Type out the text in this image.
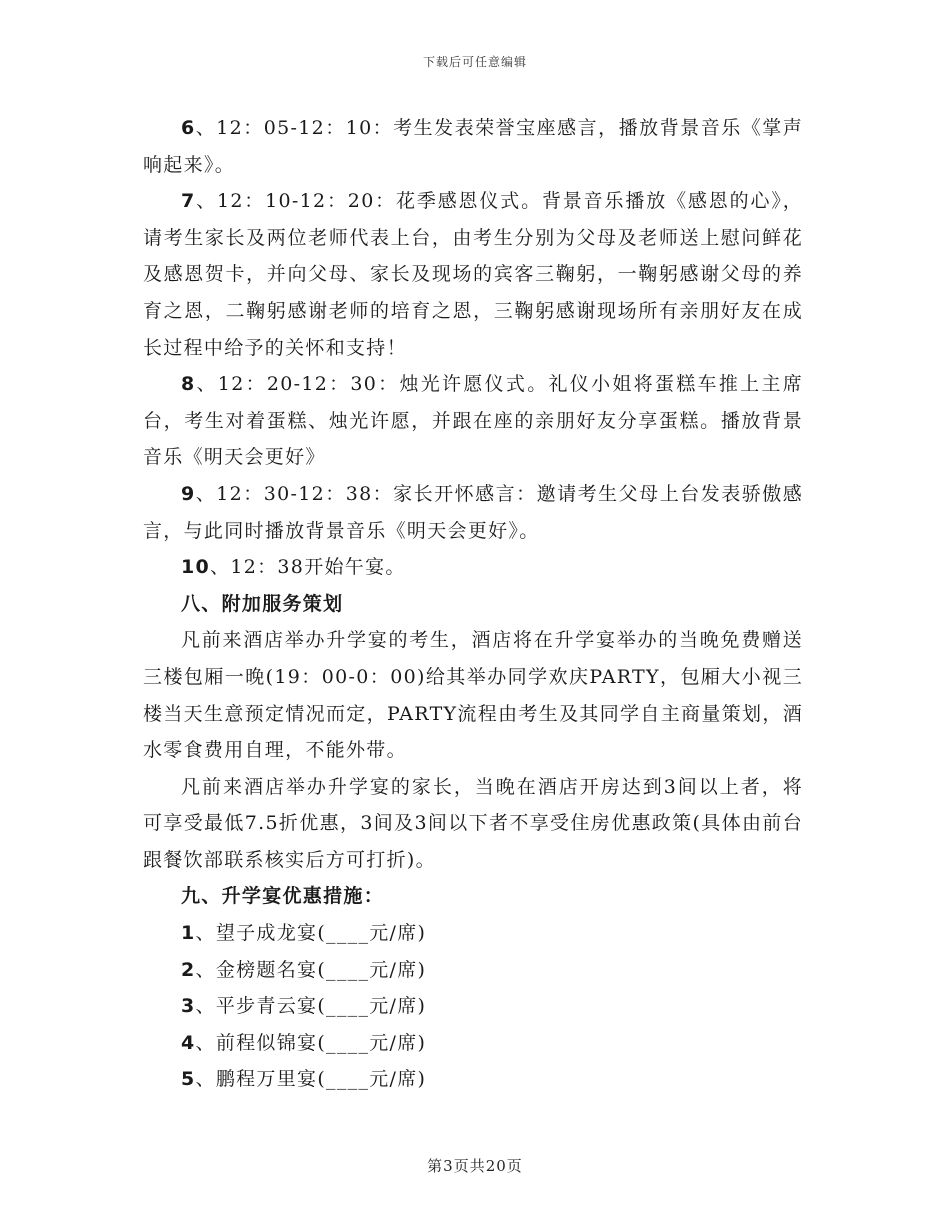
下载后可任意编辑

6、12：05-12：10：考生发表荣誉宝座感言，播放背景音乐《掌声响起来》。

7、12：10-12：20：花季感恩仪式。背景音乐播放《感恩的心》，请考生家长及两位老师代表上台，由考生分别为父母及老师送上慰问鲜花及感恩贺卡，并向父母、家长及现场的宾客三鞠躬，一鞠躬感谢父母的养育之恩，二鞠躬感谢老师的培育之恩，三鞠躬感谢现场所有亲朋好友在成长过程中给予的关怀和支持！

8、12：20-12：30：烛光许愿仪式。礼仪小姐将蛋糕车推上主席台，考生对着蛋糕、烛光许愿，并跟在座的亲朋好友分享蛋糕。播放背景音乐《明天会更好》

9、12：30-12：38：家长开怀感言：邀请考生父母上台发表骄傲感言，与此同时播放背景音乐《明天会更好》。

10、12：38开始午宴。

八、附加服务策划

凡前来酒店举办升学宴的考生，酒店将在升学宴举办的当晚免费赠送三楼包厢一晚(19：00-0：00)给其举办同学欢庆PARTY，包厢大小视三楼当天生意预定情况而定，PARTY流程由考生及其同学自主商量策划，酒水零食费用自理，不能外带。

凡前来酒店举办升学宴的家长，当晚在酒店开房达到3间以上者，将可享受最低7.5折优惠，3间及3间以下者不享受住房优惠政策(具体由前台跟餐饮部联系核实后方可打折)。

九、升学宴优惠措施：

1、望子成龙宴(____元/席)

2、金榜题名宴(____元/席)

3、平步青云宴(____元/席)

4、前程似锦宴(____元/席)

5、鹏程万里宴(____元/席)

第3页共20页
